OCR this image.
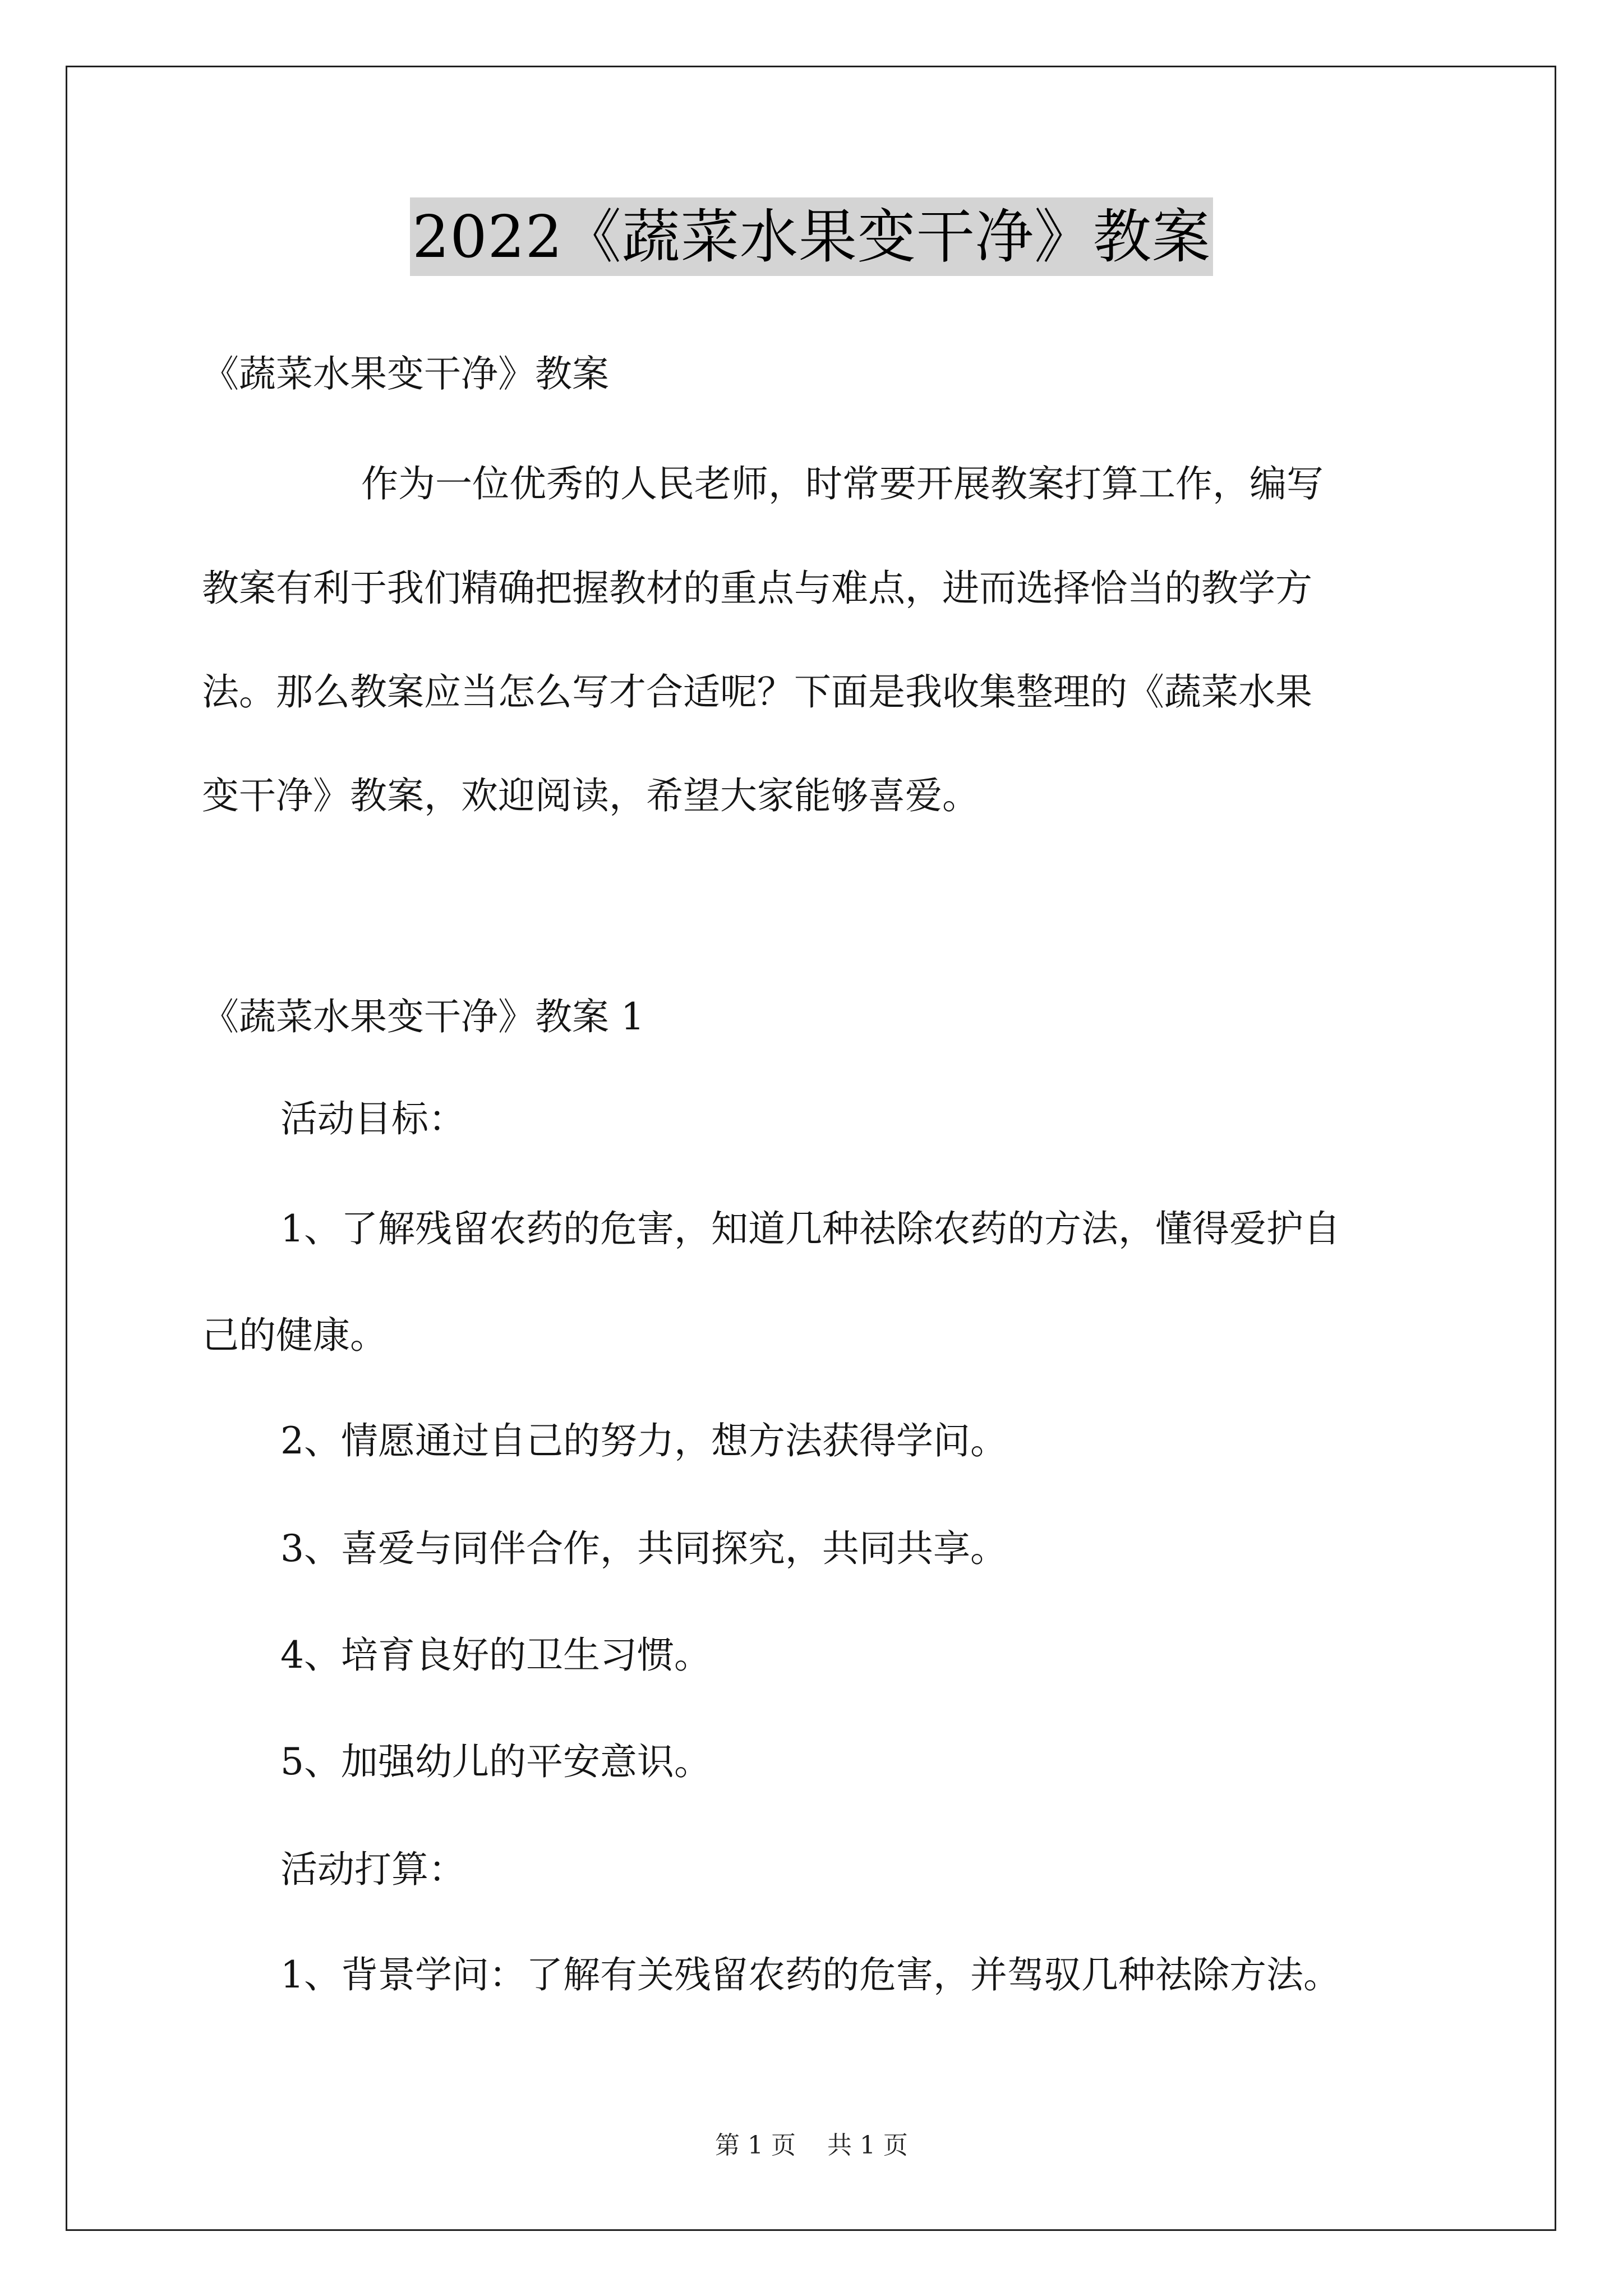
2022《蔬菜水果变干净》教案
《蔬菜水果变干净》教案
作为一位优秀的人民老师，时常要开展教案打算工作，编写
教案有利于我们精确把握教材的重点与难点，进而选择恰当的教学方
法。那么教案应当怎么写才合适呢？下面是我收集整理的《蔬菜水果
变干净》教案，欢迎阅读，希望大家能够喜爱。
《蔬菜水果变干净》教案 1
活动目标：
1、了解残留农药的危害，知道几种祛除农药的方法，懂得爱护自
己的健康。
2、情愿通过自己的努力，想方法获得学问。
3、喜爱与同伴合作，共同探究，共同共享。
4、培育良好的卫生习惯。
5、加强幼儿的平安意识。
活动打算：
1、背景学问：了解有关残留农药的危害，并驾驭几种祛除方法。
第 1 页    共 1 页
